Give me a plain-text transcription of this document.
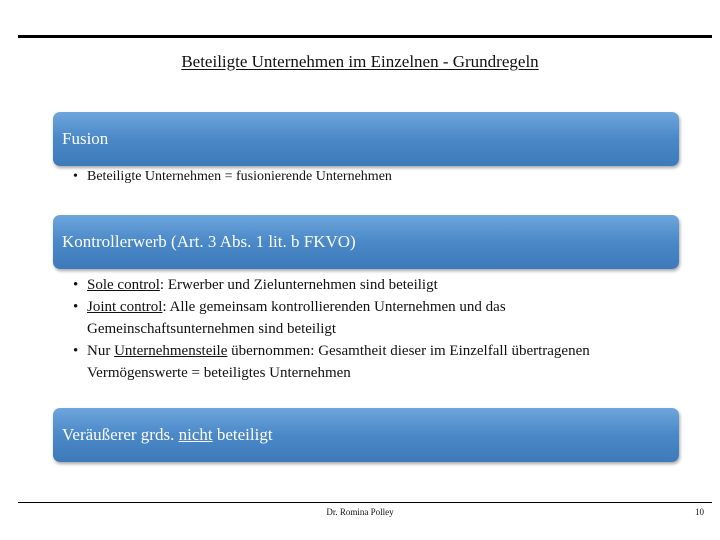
Beteiligte Unternehmen im Einzelnen - Grundregeln
Fusion
• Beteiligte Unternehmen = fusionierende Unternehmen
Kontrollerwerb (Art. 3 Abs. 1 lit. b FKVO)
• Sole control: Erwerber und Zielunternehmen sind beteiligt
• Joint control: Alle gemeinsam kontrollierenden Unternehmen und das Gemeinschaftsunternehmen sind beteiligt
• Nur Unternehmensteile übernommen: Gesamtheit dieser im Einzelfall übertragenen Vermögenswerte = beteiligtes Unternehmen
Veräußerer grds. nicht beteiligt
Dr. Romina Polley	10
